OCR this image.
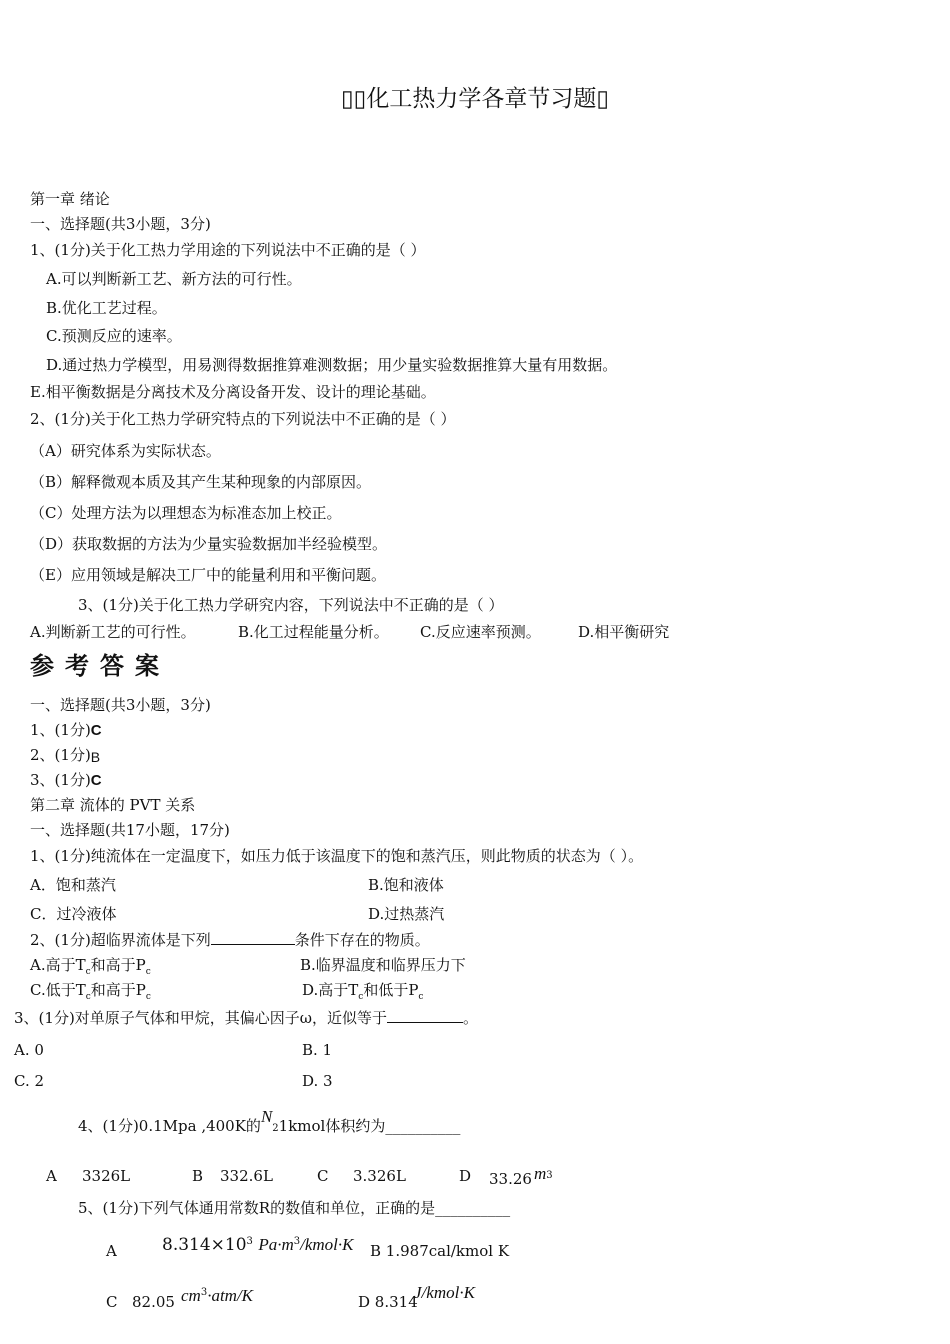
▯▯化工热力学各章节习题▯
第一章 绪论
一、选择题(共3小题，3分)
1、(1分)关于化工热力学用途的下列说法中不正确的是（ ）
A.可以判断新工艺、新方法的可行性。
B.优化工艺过程。
C.预测反应的速率。
D.通过热力学模型，用易测得数据推算难测数据；用少量实验数据推算大量有用数据。
E.相平衡数据是分离技术及分离设备开发、设计的理论基础。
2、(1分)关于化工热力学研究特点的下列说法中不正确的是（ ）
（A）研究体系为实际状态。
（B）解释微观本质及其产生某种现象的内部原因。
（C）处理方法为以理想态为标准态加上校正。
（D）获取数据的方法为少量实验数据加半经验模型。
（E）应用领域是解决工厂中的能量利用和平衡问题。
3、(1分)关于化工热力学研究内容，下列说法中不正确的是（ ）
A.判断新工艺的可行性。	B.化工过程能量分析。 C.反应速率预测。 D.相平衡研究
参考答案
一、选择题(共3小题，3分)
1、(1分)C
2、(1分)B
3、(1分)C
第二章 流体的 PVT 关系
一、选择题(共17小题，17分)
1、(1分)纯流体在一定温度下，如压力低于该温度下的饱和蒸汽压，则此物质的状态为（ ）。
A．饱和蒸汽	B.饱和液体
C．过冷液体	D.过热蒸汽
2、(1分)超临界流体是下列	条件下存在的物质。
A.高于$T_c$和高于$P_c$	B.临界温度和临界压力下
C.低于$T_c$和高于$P_c$	D.高于$T_c$和低于$P_c$
3、(1分)对单原子气体和甲烷，其偏心因子ω，近似等于	。
A. 0	B. 1
C. 2	D. 3
4、(1分)0.1Mpa ,400K的N21kmol体积约为__________
A 3326L	B 332.6L	C 3.326L	D 33.26 $m^3$
5、(1分)下列气体通用常数R的数值和单位，正确的是__________
A	$8.314\times 10^3$ $Pa\cdot m^3/kmol\cdot K$ B 1.987cal/kmol K
C 82.05 $cm^3\cdot atm/K$	D 8.314
J/kmol·K
